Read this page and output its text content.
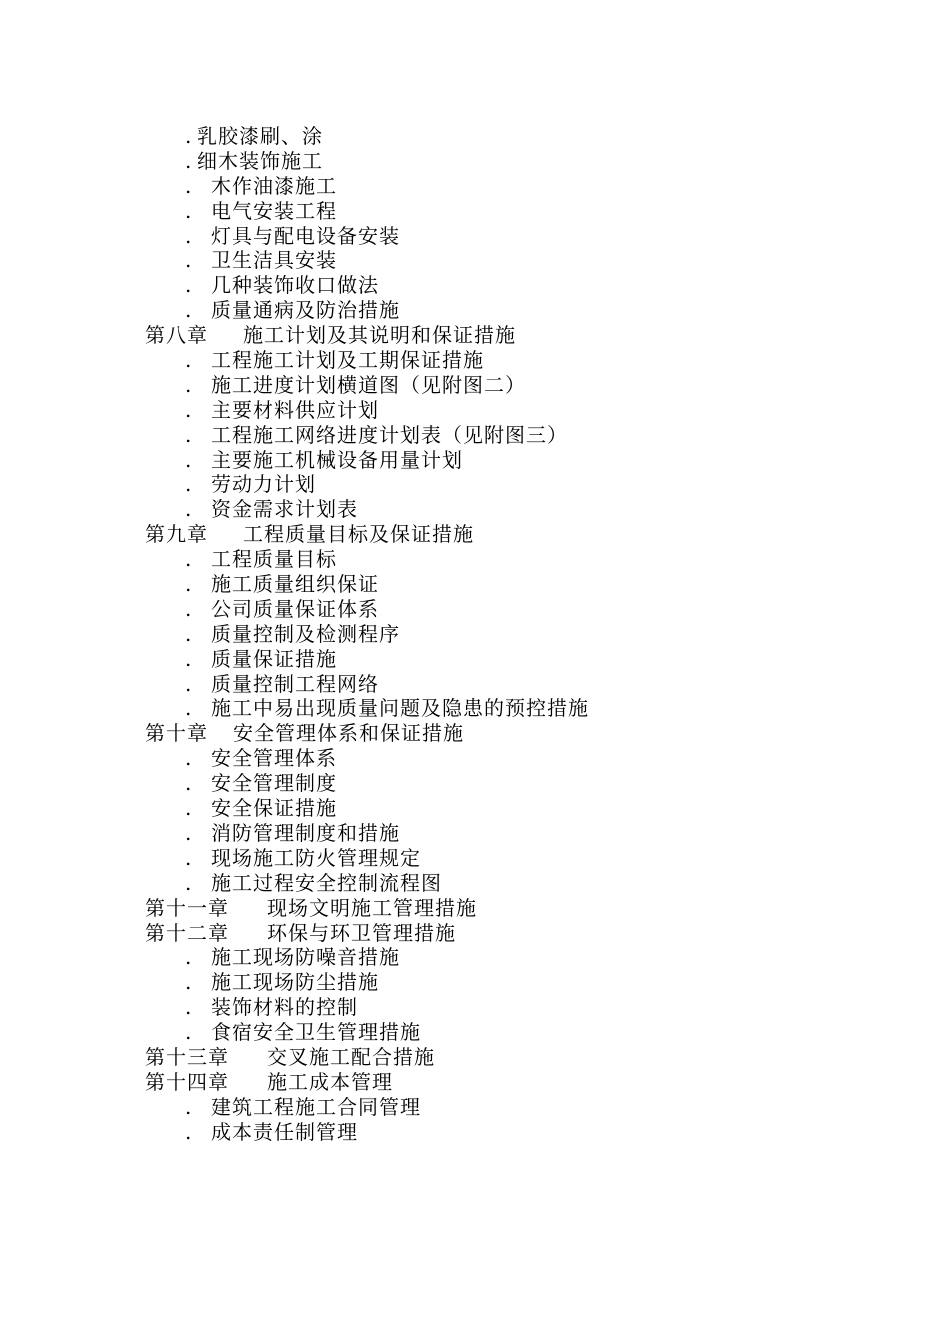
. 乳胶漆刷、涂
. 细木装饰施工
. 木作油漆施工
. 电气安装工程
. 灯具与配电设备安装
. 卫生洁具安装
. 几种装饰收口做法
. 质量通病及防治措施
第八章	施工计划及其说明和保证措施
. 工程施工计划及工期保证措施
. 施工进度计划横道图（见附图二）
. 主要材料供应计划
. 工程施工网络进度计划表（见附图三）
. 主要施工机械设备用量计划
. 劳动力计划
. 资金需求计划表
第九章	工程质量目标及保证措施
. 工程质量目标
. 施工质量组织保证
. 公司质量保证体系
. 质量控制及检测程序
. 质量保证措施
. 质量控制工程网络
. 施工中易出现质量问题及隐患的预控措施
第十章	安全管理体系和保证措施
. 安全管理体系
. 安全管理制度
. 安全保证措施
. 消防管理制度和措施
. 现场施工防火管理规定
. 施工过程安全控制流程图
第十一章	现场文明施工管理措施
第十二章	环保与环卫管理措施
. 施工现场防噪音措施
. 施工现场防尘措施
. 装饰材料的控制
. 食宿安全卫生管理措施
第十三章	交叉施工配合措施
第十四章	施工成本管理
. 建筑工程施工合同管理
. 成本责任制管理
